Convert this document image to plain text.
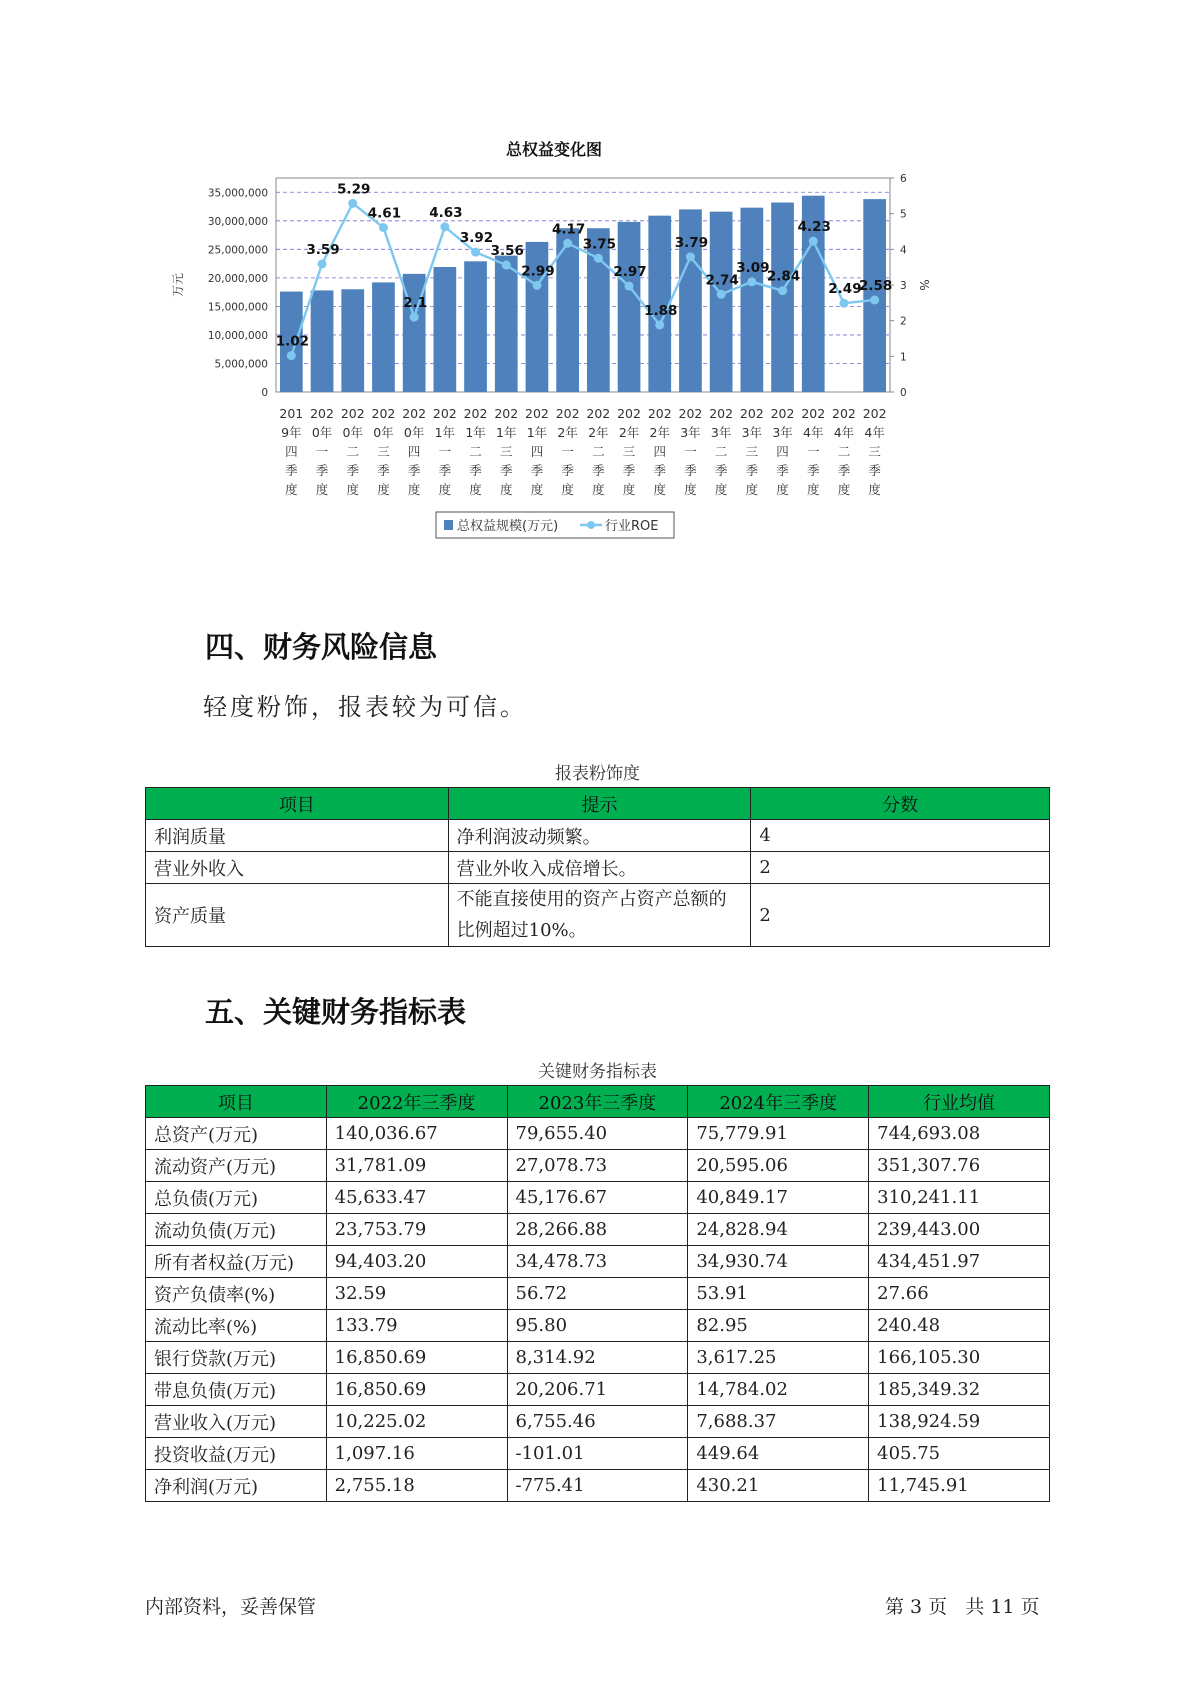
总权益变化图
0
5,000,000
10,000,000
15,000,000
20,000,000
25,000,000
30,000,000
35,000,000
0
1
2
3
4
5
6
万元	%
201
9年
四
季
度
202
0年
一
季
度
202
0年
二
季
度
202
0年
三
季
度
202
0年
四
季
度
202
1年
一
季
度
202
1年
二
季
度
202
1年
三
季
度
202
1年
四
季
度
202
2年
一
季
度
202
2年
二
季
度
202
2年
三
季
度
202
2年
四
季
度
202
3年
一
季
度
202
3年
二
季
度
202
3年
三
季
度
202
3年
四
季
度
202
4年
一
季
度
202
4年
二
季
度
202
4年
三
季
度
1.02
3.59
5.29
4.61
2.1
4.63
3.92
3.56
2.99
4.17
3.75
2.97
1.88
3.79
2.74
3.09
2.84
4.23
2.49
2.58
总权益规模(万元)	行业ROE
四、财务风险信息

轻度粉饰，报表较为可信。

报表粉饰度
项目	提示	分数
利润质量	净利润波动频繁。	4
营业外收入	营业外收入成倍增长。	2
资产质量	不能直接使用的资产占资产总额的比例超过10%。	2
五、关键财务指标表
关键财务指标表
项目	2022年三季度	2023年三季度	2024年三季度	行业均值
总资产(万元)	140,036.67	79,655.40	75,779.91	744,693.08
流动资产(万元)	31,781.09	27,078.73	20,595.06	351,307.76
总负债(万元)	45,633.47	45,176.67	40,849.17	310,241.11
流动负债(万元)	23,753.79	28,266.88	24,828.94	239,443.00
所有者权益(万元)	94,403.20	34,478.73	34,930.74	434,451.97
资产负债率(%)	32.59	56.72	53.91	27.66
流动比率(%)	133.79	95.80	82.95	240.48
银行贷款(万元)	16,850.69	8,314.92	3,617.25	166,105.30
带息负债(万元)	16,850.69	20,206.71	14,784.02	185,349.32
营业收入(万元)	10,225.02	6,755.46	7,688.37	138,924.59
投资收益(万元)	1,097.16	-101.01	449.64	405.75
净利润(万元)	2,755.18	-775.41	430.21	11,745.91
内部资料，妥善保管	第 3 页   共 11 页
